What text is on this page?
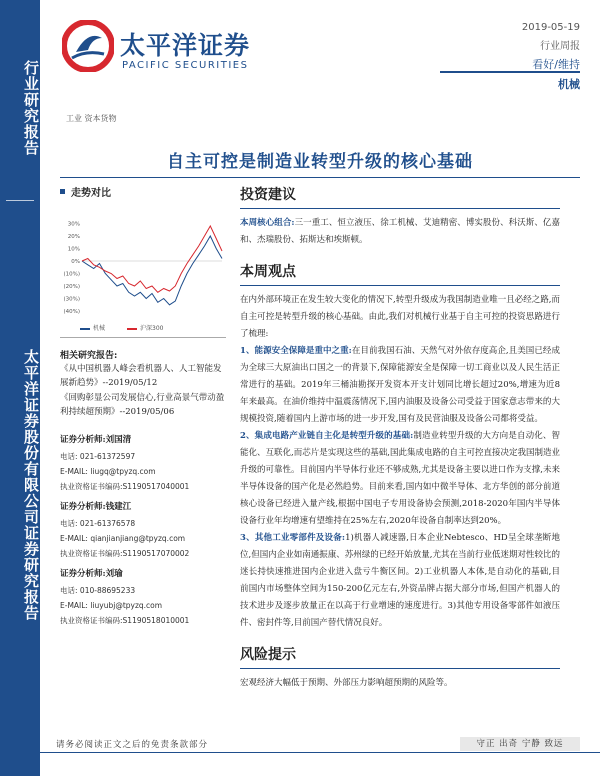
行业研究报告
太平洋证券股份有限公司证券研究报告
太平洋证券
PACIFIC SECURITIES
2019-05-19
行业周报
看好/维持
机械
工业 资本货物
自主可控是制造业转型升级的核心基础
走势对比
30%
20%
10%
0%
(10%)
(20%)
(30%)
(40%)
机械	沪深300
相关研究报告:
《从中国机器人峰会看机器人、人工智能发展新趋势》--2019/05/12
《回购彰显公司发展信心,行业高景气带动盈利持续超预期》--2019/05/06
证券分析师:刘国清
电话: 021-61372597
E-MAIL: liugq@tpyzq.com
执业资格证书编码:S1190517040001
证券分析师:钱建江
电话: 021-61376578
E-MAIL: qianjianjiang@tpyzq.com
执业资格证书编码:S1190517070002
证券分析师:刘瑜
电话: 010-88695233
E-MAIL: liuyubj@tpyzq.com
执业资格证书编码:S1190518010001
投资建议
本周核心组合:三一重工、恒立液压、徐工机械、艾迪精密、博实股份、科沃斯、亿嘉和、杰瑞股份、拓斯达和埃斯顿。
本周观点
在内外部环境正在发生较大变化的情况下,转型升级成为我国制造业唯一且必经之路,而自主可控是转型升级的核心基础。由此,我们对机械行业基于自主可控的投资思路进行了梳理:
1、能源安全保障是重中之重:在目前我国石油、天然气对外依存度高企,且美国已经成为全球三大原油出口国之一的背景下,保障能源安全是保障一切工商业以及人民生活正常进行的基础。2019年三桶油勘探开发资本开支计划同比增长超过20%,增速为近8年来最高。在油价维持中温震荡情况下,国内油服及设备公司受益于国家意志带来的大规模投资,随着国内上游市场的进一步开发,国有及民营油服及设备公司都将受益。
2、集成电路产业链自主化是转型升级的基础:制造业转型升级的大方向是自动化、智能化、互联化,而芯片是实现这些的基础,国此集成电路的自主可控直接决定我国制造业升级的可靠性。目前国内半导体行业还不够成熟,尤其是设备主要以进口作为支撑,未来半导体设备的国产化是必然趋势。目前来看,国内如中微半导体、北方华创的部分前道核心设备已经进入量产线,根据中国电子专用设备协会预测,2018-2020年国内半导体设备行业年均增速有望维持在25%左右,2020年设备自制率达到20%。
3、其他工业零部件及设备:1)机器人减速器,日本企业Nebtesco、HD呈全球垄断地位,但国内企业如南通振康、苏州绿的已经开始放量,尤其在当前行业低迷期对性较比的迷长持快速推进国内企业进入盘亏牛衡区间。2)工业机器人本体,是自动化的基础,目前国内市场整体空间为150-200亿元左右,外资品牌占据大部分市场,但国产机器人的技术进步及逐步放量正在以高于行业增速的速度进行。3)其他专用设备零部件如液压件、密封件等,目前国产替代情况良好。
风险提示
宏观经济大幅低于预期、外部压力影响超预期的风险等。
请务必阅读正文之后的免责条款部分	守正 出奇 宁静 致远
